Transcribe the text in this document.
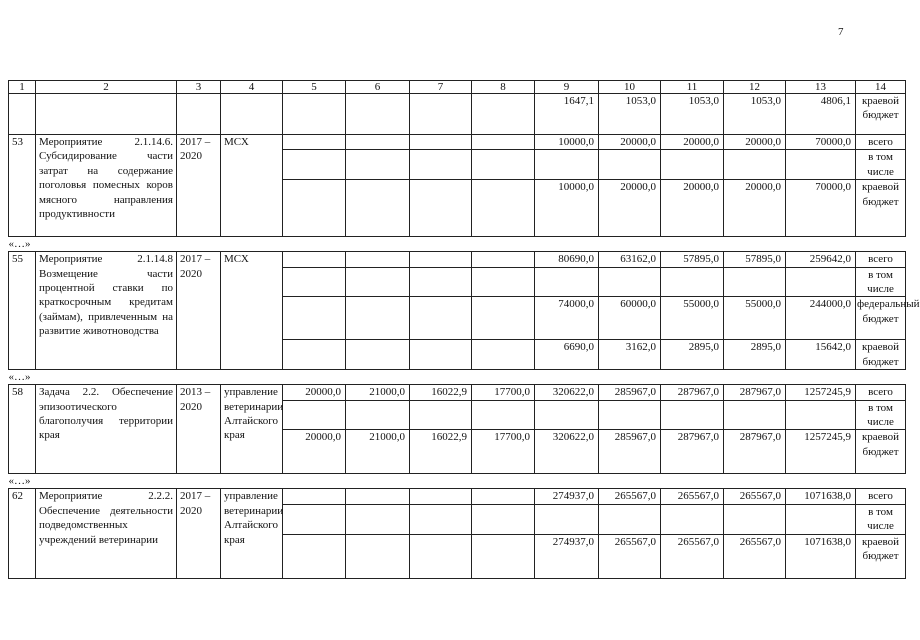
7
1	2	3	4	5	6	7	8	9	10	11	12	13	14
								1647,1	1053,0	1053,0	1053,0	4806,1	краевой бюджет
53	Мероприятие 2.1.14.6. Субсидирование части затрат на содержание поголовья помесных коров мясного направления продуктивности	2017 – 2020	МСХ					10000,0	20000,0	20000,0	20000,0	70000,0	всего
													в том числе
								10000,0	20000,0	20000,0	20000,0	70000,0	краевой бюджет
«…»													
55	Мероприятие 2.1.14.8 Возмещение части процентной ставки по краткосрочным кредитам (займам), привлеченным на развитие животноводства	2017 – 2020	МСХ					80690,0	63162,0	57895,0	57895,0	259642,0	всего
													в том числе
								74000,0	60000,0	55000,0	55000,0	244000,0	федеральный бюджет
								6690,0	3162,0	2895,0	2895,0	15642,0	краевой бюджет
«…»													
58	Задача 2.2. Обеспечение эпизоотического благополучия территории края	2013 – 2020	управление ветеринарии Алтайского края	20000,0	21000,0	16022,9	17700,0	320622,0	285967,0	287967,0	287967,0	1257245,9	всего
													в том числе
				20000,0	21000,0	16022,9	17700,0	320622,0	285967,0	287967,0	287967,0	1257245,9	краевой бюджет
«…»													
62	Мероприятие 2.2.2. Обеспечение деятельности подведомственных учреждений ветеринарии	2017 – 2020	управление ветеринарии Алтайского края					274937,0	265567,0	265567,0	265567,0	1071638,0	всего
													в том числе
								274937,0	265567,0	265567,0	265567,0	1071638,0	краевой бюджет
